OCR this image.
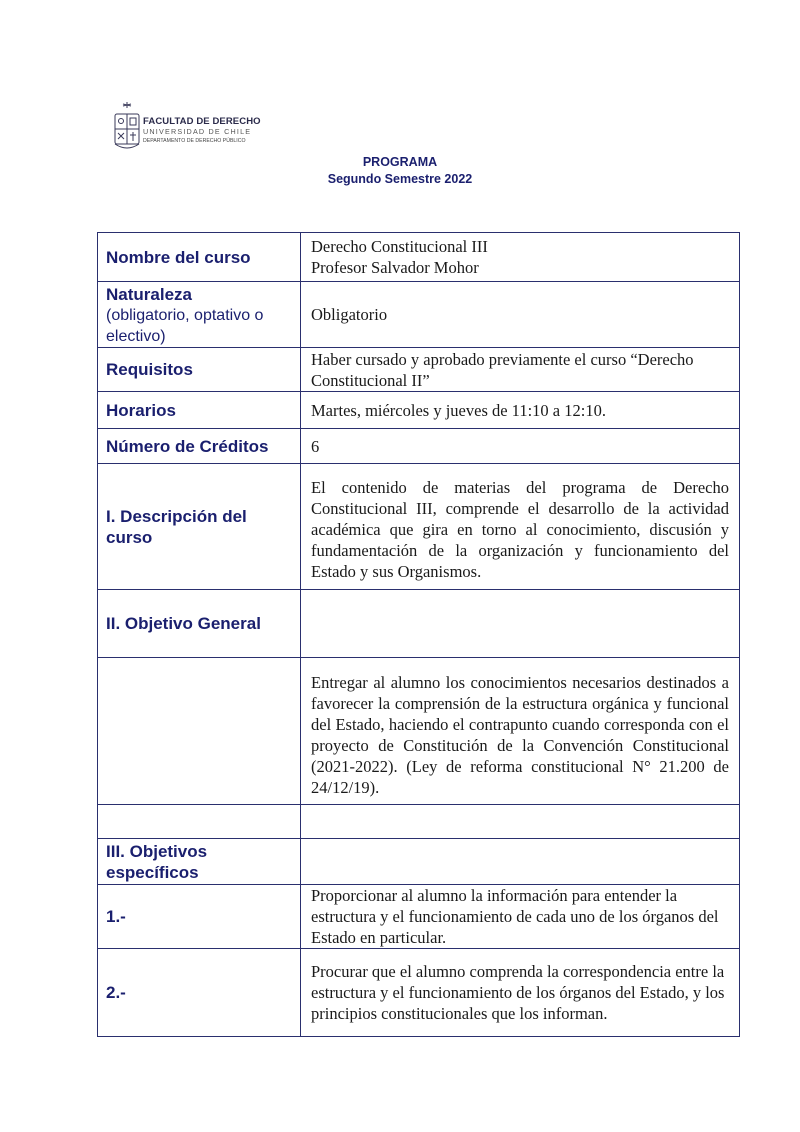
FACULTAD DE DERECHO
UNIVERSIDAD DE CHILE
DEPARTAMENTO DE DERECHO PÚBLICO
PROGRAMA
Segundo Semestre 2022
Nombre del curso	Derecho Constitucional III
Profesor Salvador Mohor

Naturaleza
(obligatorio, optativo o electivo)	Obligatorio
Requisitos	Haber cursado y aprobado previamente el curso “Derecho Constitucional II”
Horarios	Martes, miércoles y jueves de 11:10 a 12:10.
Número de Créditos	6
I. Descripción del curso	El contenido de materias del programa de Derecho Constitucional III, comprende el desarrollo de la actividad académica que gira en torno al conocimiento, discusión y fundamentación de la organización y funcionamiento del Estado y sus Organismos.
II. Objetivo General	
	Entregar al alumno los conocimientos necesarios destinados a favorecer la comprensión de la estructura orgánica y funcional del Estado, haciendo el contrapunto cuando corresponda con el proyecto de Constitución de la Convención Constitucional (2021-2022). (Ley de reforma constitucional N° 21.200 de 24/12/19).

III. Objetivos específicos	
1.-	Proporcionar al alumno la información para entender la estructura y el funcionamiento de cada uno de los órganos del Estado en particular.
2.-	Procurar que el alumno comprenda la correspondencia entre la estructura y el funcionamiento de los órganos del Estado, y los principios constitucionales que los informan.
